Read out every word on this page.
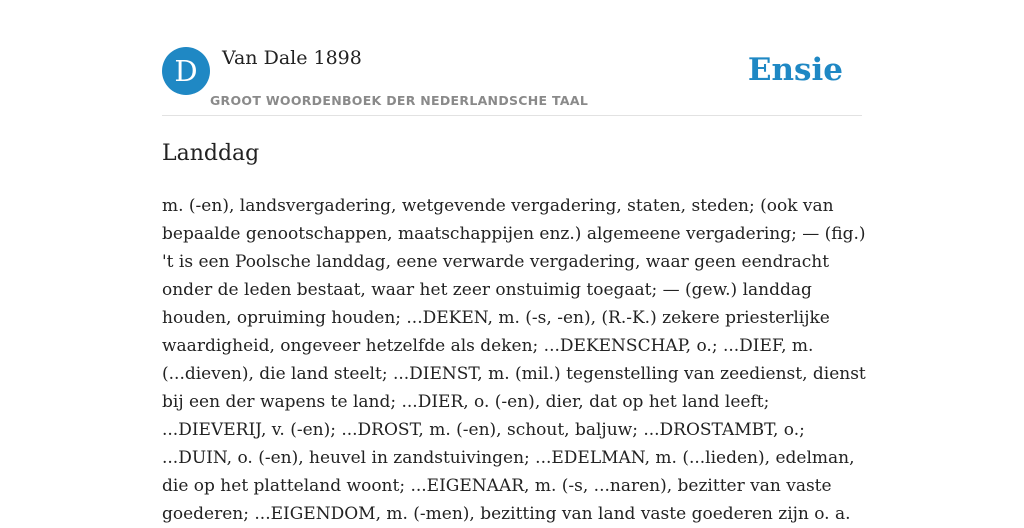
D	Van Dale 1898
GROOT WOORDENBOEK DER NEDERLANDSCHE TAAL
Ensie
Landdag
m. (-en), landsvergadering, wetgevende vergadering, staten, steden; (ook van
bepaalde genootschappen, maatschappijen enz.) algemeene vergadering; — (fig.)
't is een Poolsche landdag, eene verwarde vergadering, waar geen eendracht
onder de leden bestaat, waar het zeer onstuimig toegaat; — (gew.) landdag
houden, opruiming houden; ...DEKEN, m. (-s, -en), (R.-K.) zekere priesterlijke
waardigheid, ongeveer hetzelfde als deken; ...DEKENSCHAP, o.; ...DIEF, m.
(...dieven), die land steelt; ...DIENST, m. (mil.) tegenstelling van zeedienst, dienst
bij een der wapens te land; ...DIER, o. (-en), dier, dat op het land leeft;
...DIEVERIJ, v. (-en); ...DROST, m. (-en), schout, baljuw; ...DROSTAMBT, o.;
...DUIN, o. (-en), heuvel in zandstuivingen; ...EDELMAN, m. (...lieden), edelman,
die op het platteland woont; ...EIGENAAR, m. (-s, ...naren), bezitter van vaste
goederen; ...EIGENDOM, m. (-men), bezitting van land vaste goederen zijn o. a.
